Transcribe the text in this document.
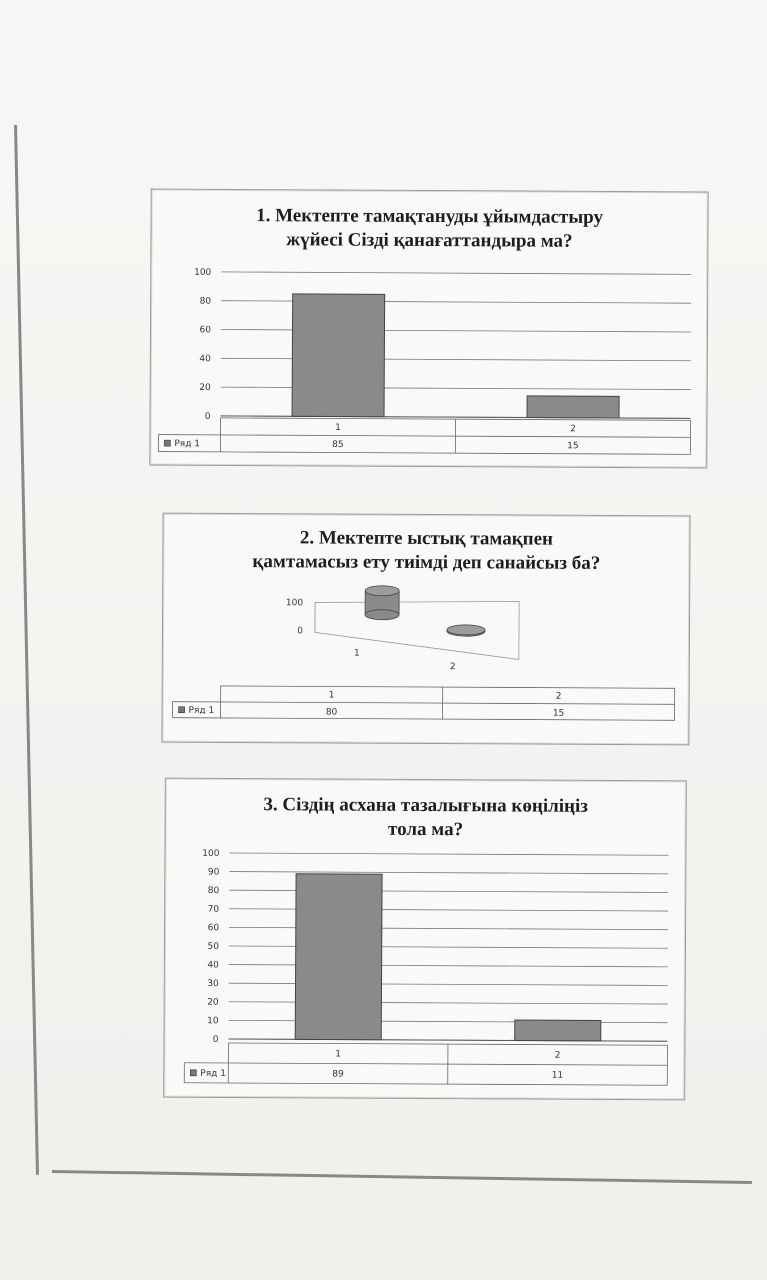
1. Мектепте тамақтануды ұйымдастыру
жүйесі Сізді қанағаттандыра ма?
0
20
40
60
80
100
Ряд 1
1
85
2
15
2. Мектепте ыстық тамақпен
қамтамасыз ету тиімді деп санайсыз ба?
0
100
1
2
Ряд 1
1
80
2
15
3. Сіздің асхана тазалығына көңіліңіз
тола ма?
0
10
20
30
40
50
60
70
80
90
100
Ряд 1
1
89
2
11
